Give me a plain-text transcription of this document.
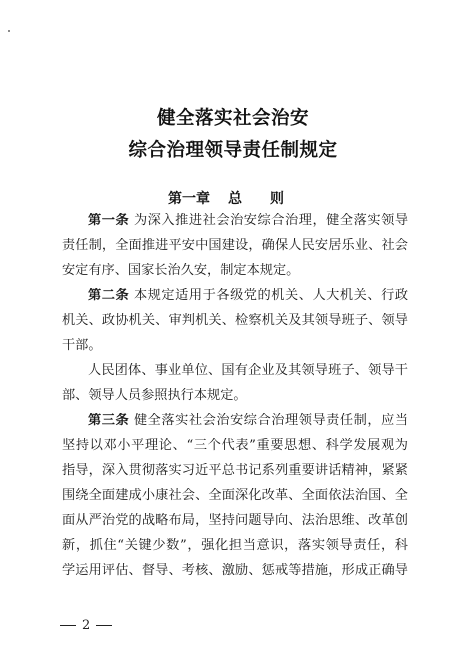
健全落实社会治安
综合治理领导责任制规定
第一章 总 则
第一条 为深入推进社会治安综合治理，健全落实领导
责任制，全面推进平安中国建设，确保人民安居乐业、社会
安定有序、国家长治久安，制定本规定。
第二条 本规定适用于各级党的机关、人大机关、行政
机关、政协机关、审判机关、检察机关及其领导班子、领导
干部。
人民团体、事业单位、国有企业及其领导班子、领导干
部、领导人员参照执行本规定。
第三条 健全落实社会治安综合治理领导责任制，应当
坚持以邓小平理论、“三个代表”重要思想、科学发展观为
指导，深入贯彻落实习近平总书记系列重要讲话精神，紧紧
围绕全面建成小康社会、全面深化改革、全面依法治国、全
面从严治党的战略布局，坚持问题导向、法治思维、改革创
新，抓住“关键少数”，强化担当意识，落实领导责任，科
学运用评估、督导、考核、激励、惩戒等措施，形成正确导
2
